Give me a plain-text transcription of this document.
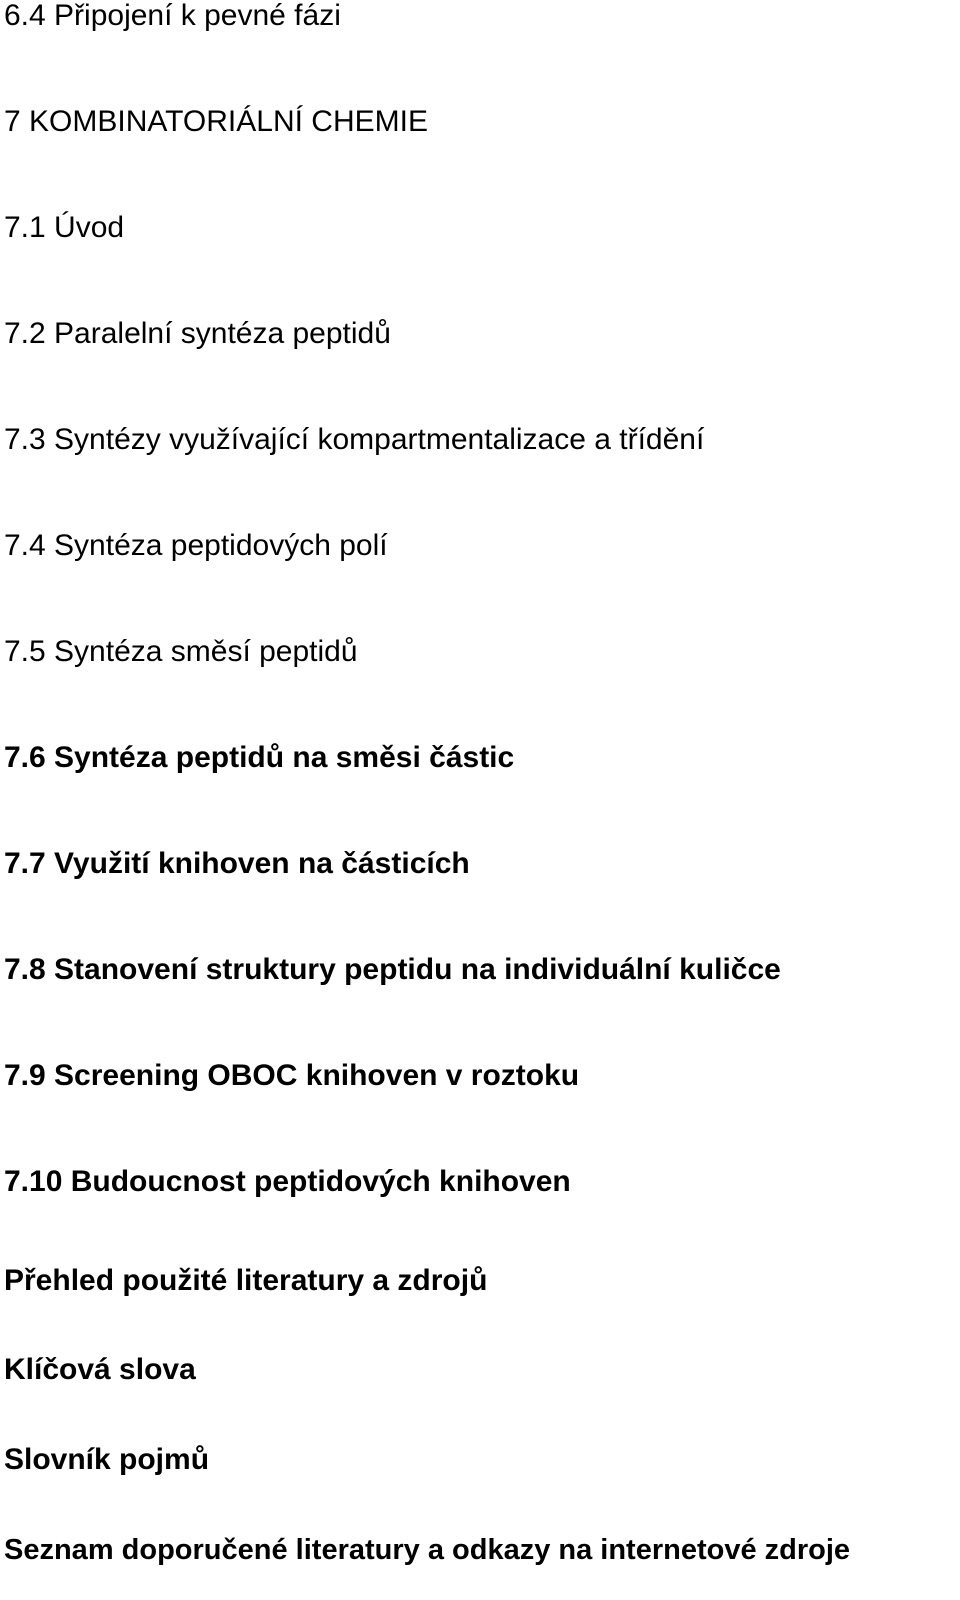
6.4 Připojení k pevné fázi

7 KOMBINATORIÁLNÍ CHEMIE

7.1 Úvod

7.2 Paralelní syntéza peptidů

7.3 Syntézy využívající kompartmentalizace a třídění

7.4 Syntéza peptidových polí

7.5 Syntéza směsí peptidů

7.6 Syntéza peptidů na směsi částic

7.7 Využití knihoven na částicích

7.8 Stanovení struktury peptidu na individuální kuličce

7.9 Screening OBOC knihoven v roztoku

7.10 Budoucnost peptidových knihoven

Přehled použité literatury a zdrojů

Klíčová slova

Slovník pojmů

Seznam doporučené literatury a odkazy na internetové zdroje
